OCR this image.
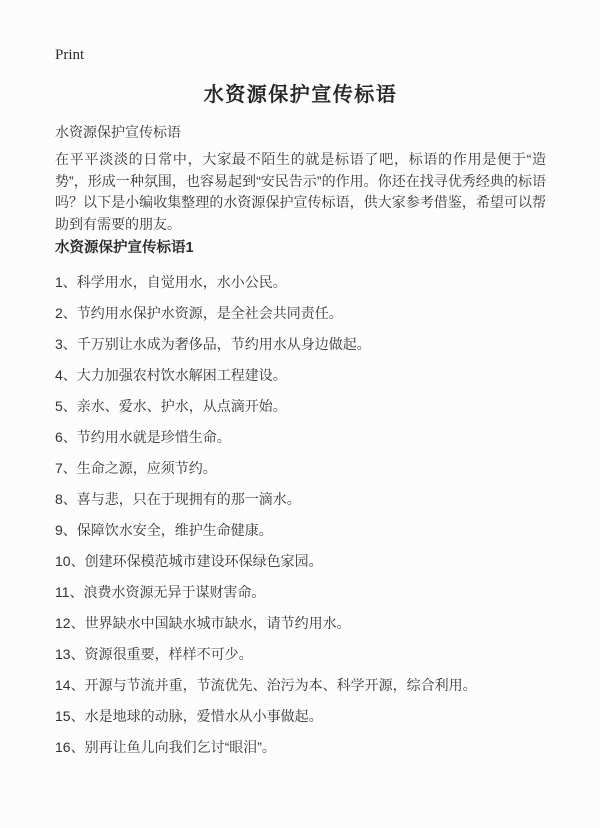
Print
水资源保护宣传标语

水资源保护宣传标语

在平平淡淡的日常中，大家最不陌生的就是标语了吧，标语的作用是便于“造势”，形成一种氛围，也容易起到“安民告示”的作用。你还在找寻优秀经典的标语吗？以下是小编收集整理的水资源保护宣传标语，供大家参考借鉴，希望可以帮助到有需要的朋友。

水资源保护宣传标语1

1、科学用水，自觉用水，水小公民。

2、节约用水保护水资源，是全社会共同责任。

3、千万别让水成为奢侈品，节约用水从身边做起。

4、大力加强农村饮水解困工程建设。

5、亲水、爱水、护水，从点滴开始。

6、节约用水就是珍惜生命。

7、生命之源，应须节约。

8、喜与悲，只在于现拥有的那一滴水。

9、保障饮水安全，维护生命健康。

10、创建环保模范城市建设环保绿色家园。

11、浪费水资源无异于谋财害命。

12、世界缺水中国缺水城市缺水，请节约用水。

13、资源很重要，样样不可少。

14、开源与节流并重，节流优先、治污为本、科学开源，综合利用。

15、水是地球的动脉，爱惜水从小事做起。

16、别再让鱼儿向我们乞讨“眼泪”。
